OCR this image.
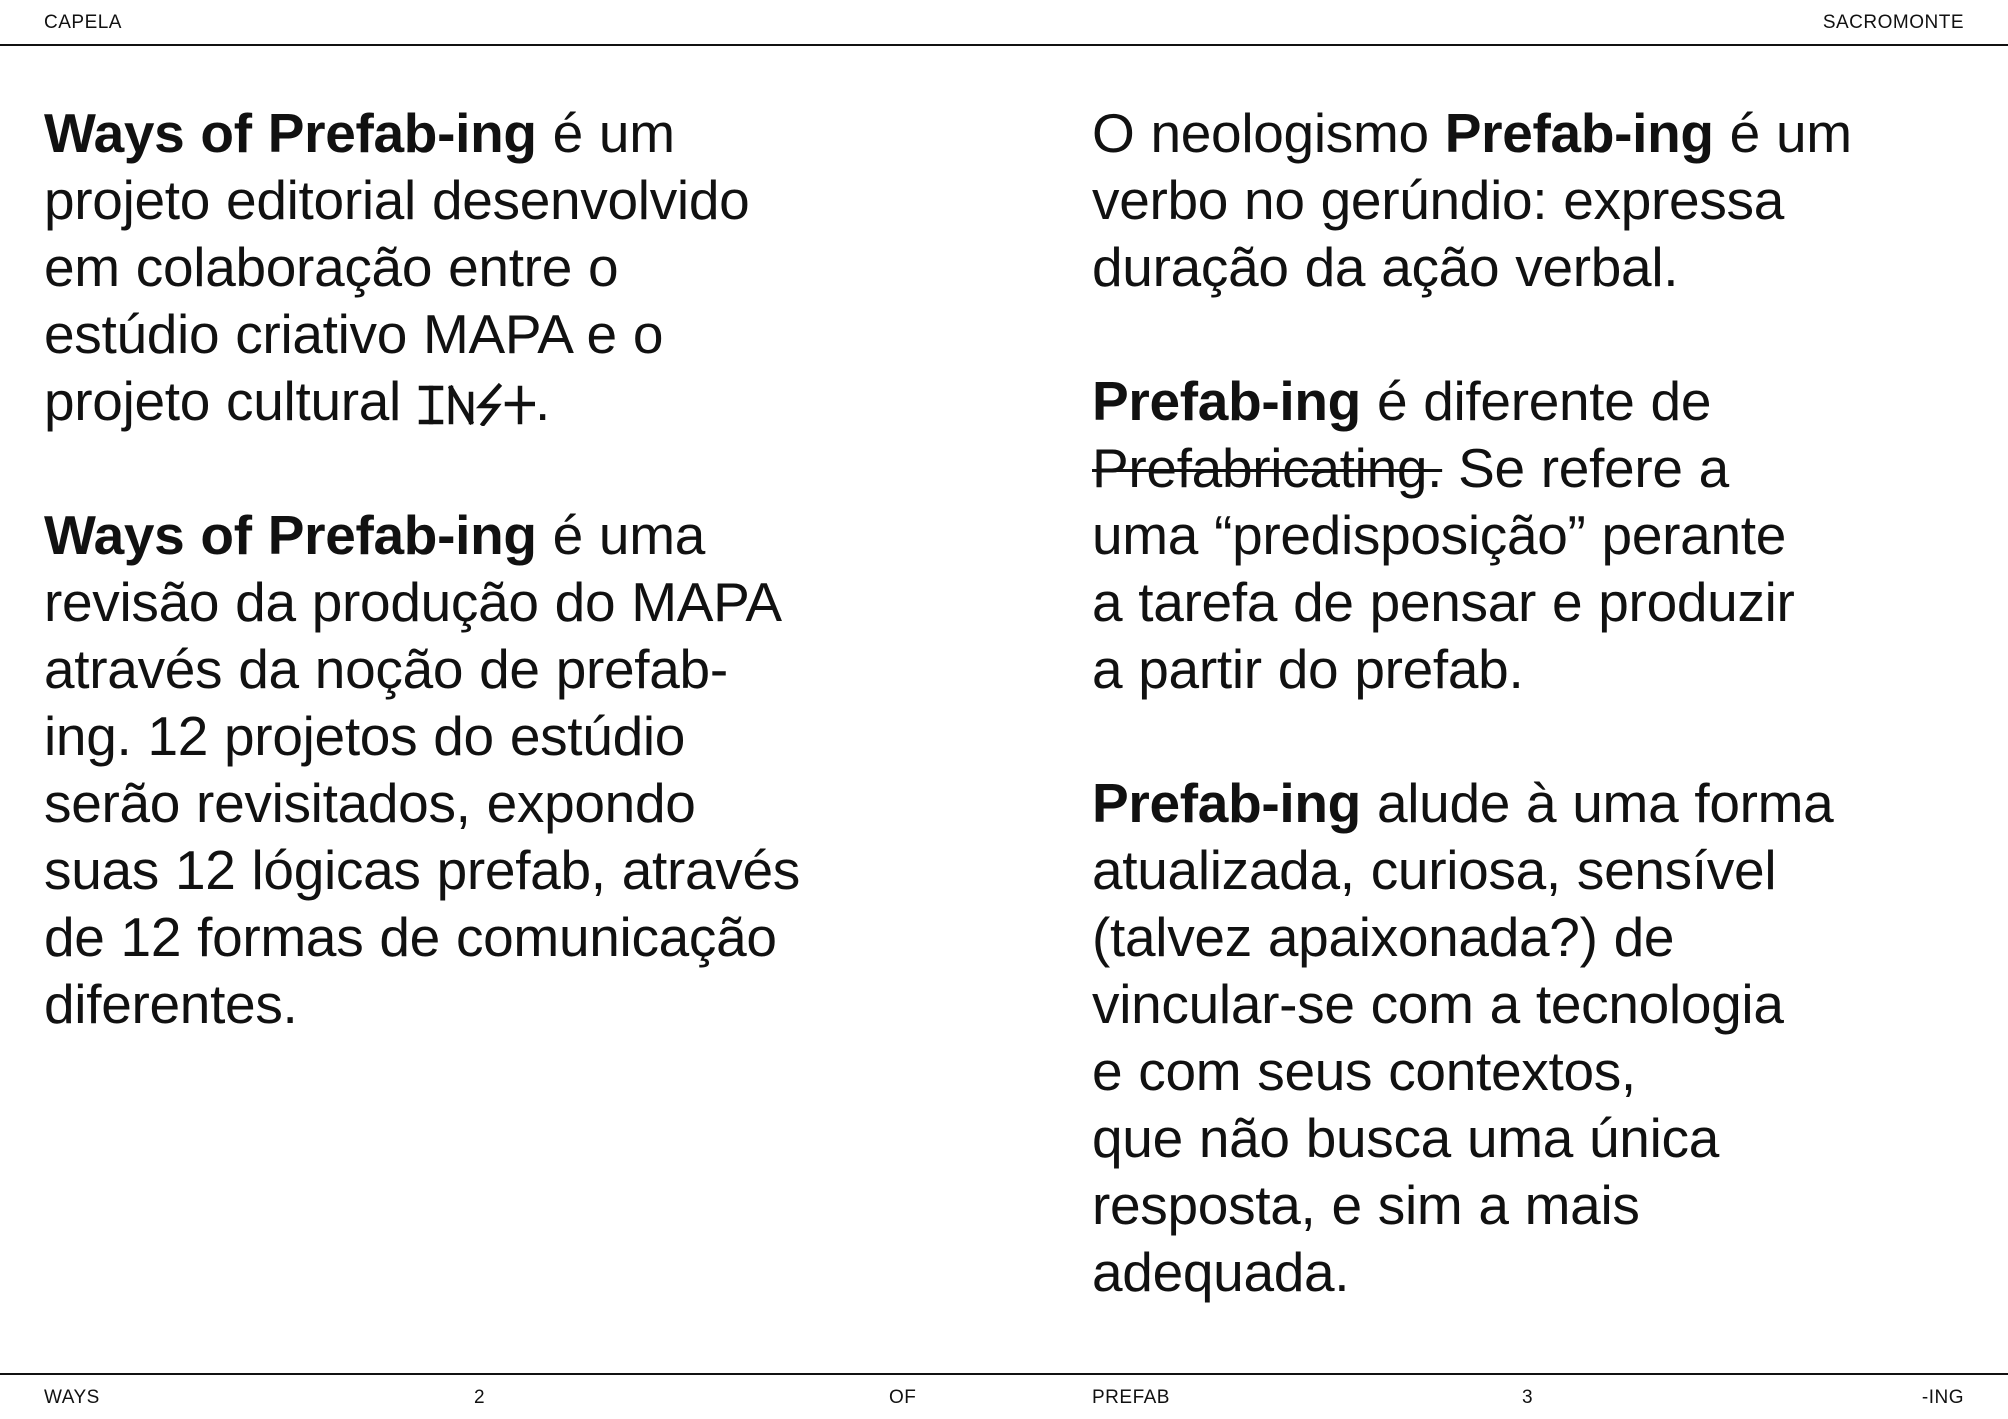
CAPELA	SACROMONTE
Ways of Prefab-ing é um
projeto editorial desenvolvido
em colaboração entre o
estúdio criativo MAPA e o
projeto cultural .
Ways of Prefab-ing é uma
revisão da produção do MAPA
através da noção de prefab-
ing. 12 projetos do estúdio
serão revisitados, expondo
suas 12 lógicas prefab, através
de 12 formas de comunicação
diferentes.
O neologismo Prefab-ing é um
verbo no gerúndio: expressa
duração da ação verbal.
Prefab-ing é diferente de
Prefabricating. Se refere a
uma “predisposição” perante
a tarefa de pensar e produzir
a partir do prefab.
Prefab-ing alude à uma forma
atualizada, curiosa, sensível
(talvez apaixonada?) de
vincular-se com a tecnologia
e com seus contextos,
que não busca uma única
resposta, e sim a mais
adequada.
WAYS	2	OF	PREFAB	3	-ING
